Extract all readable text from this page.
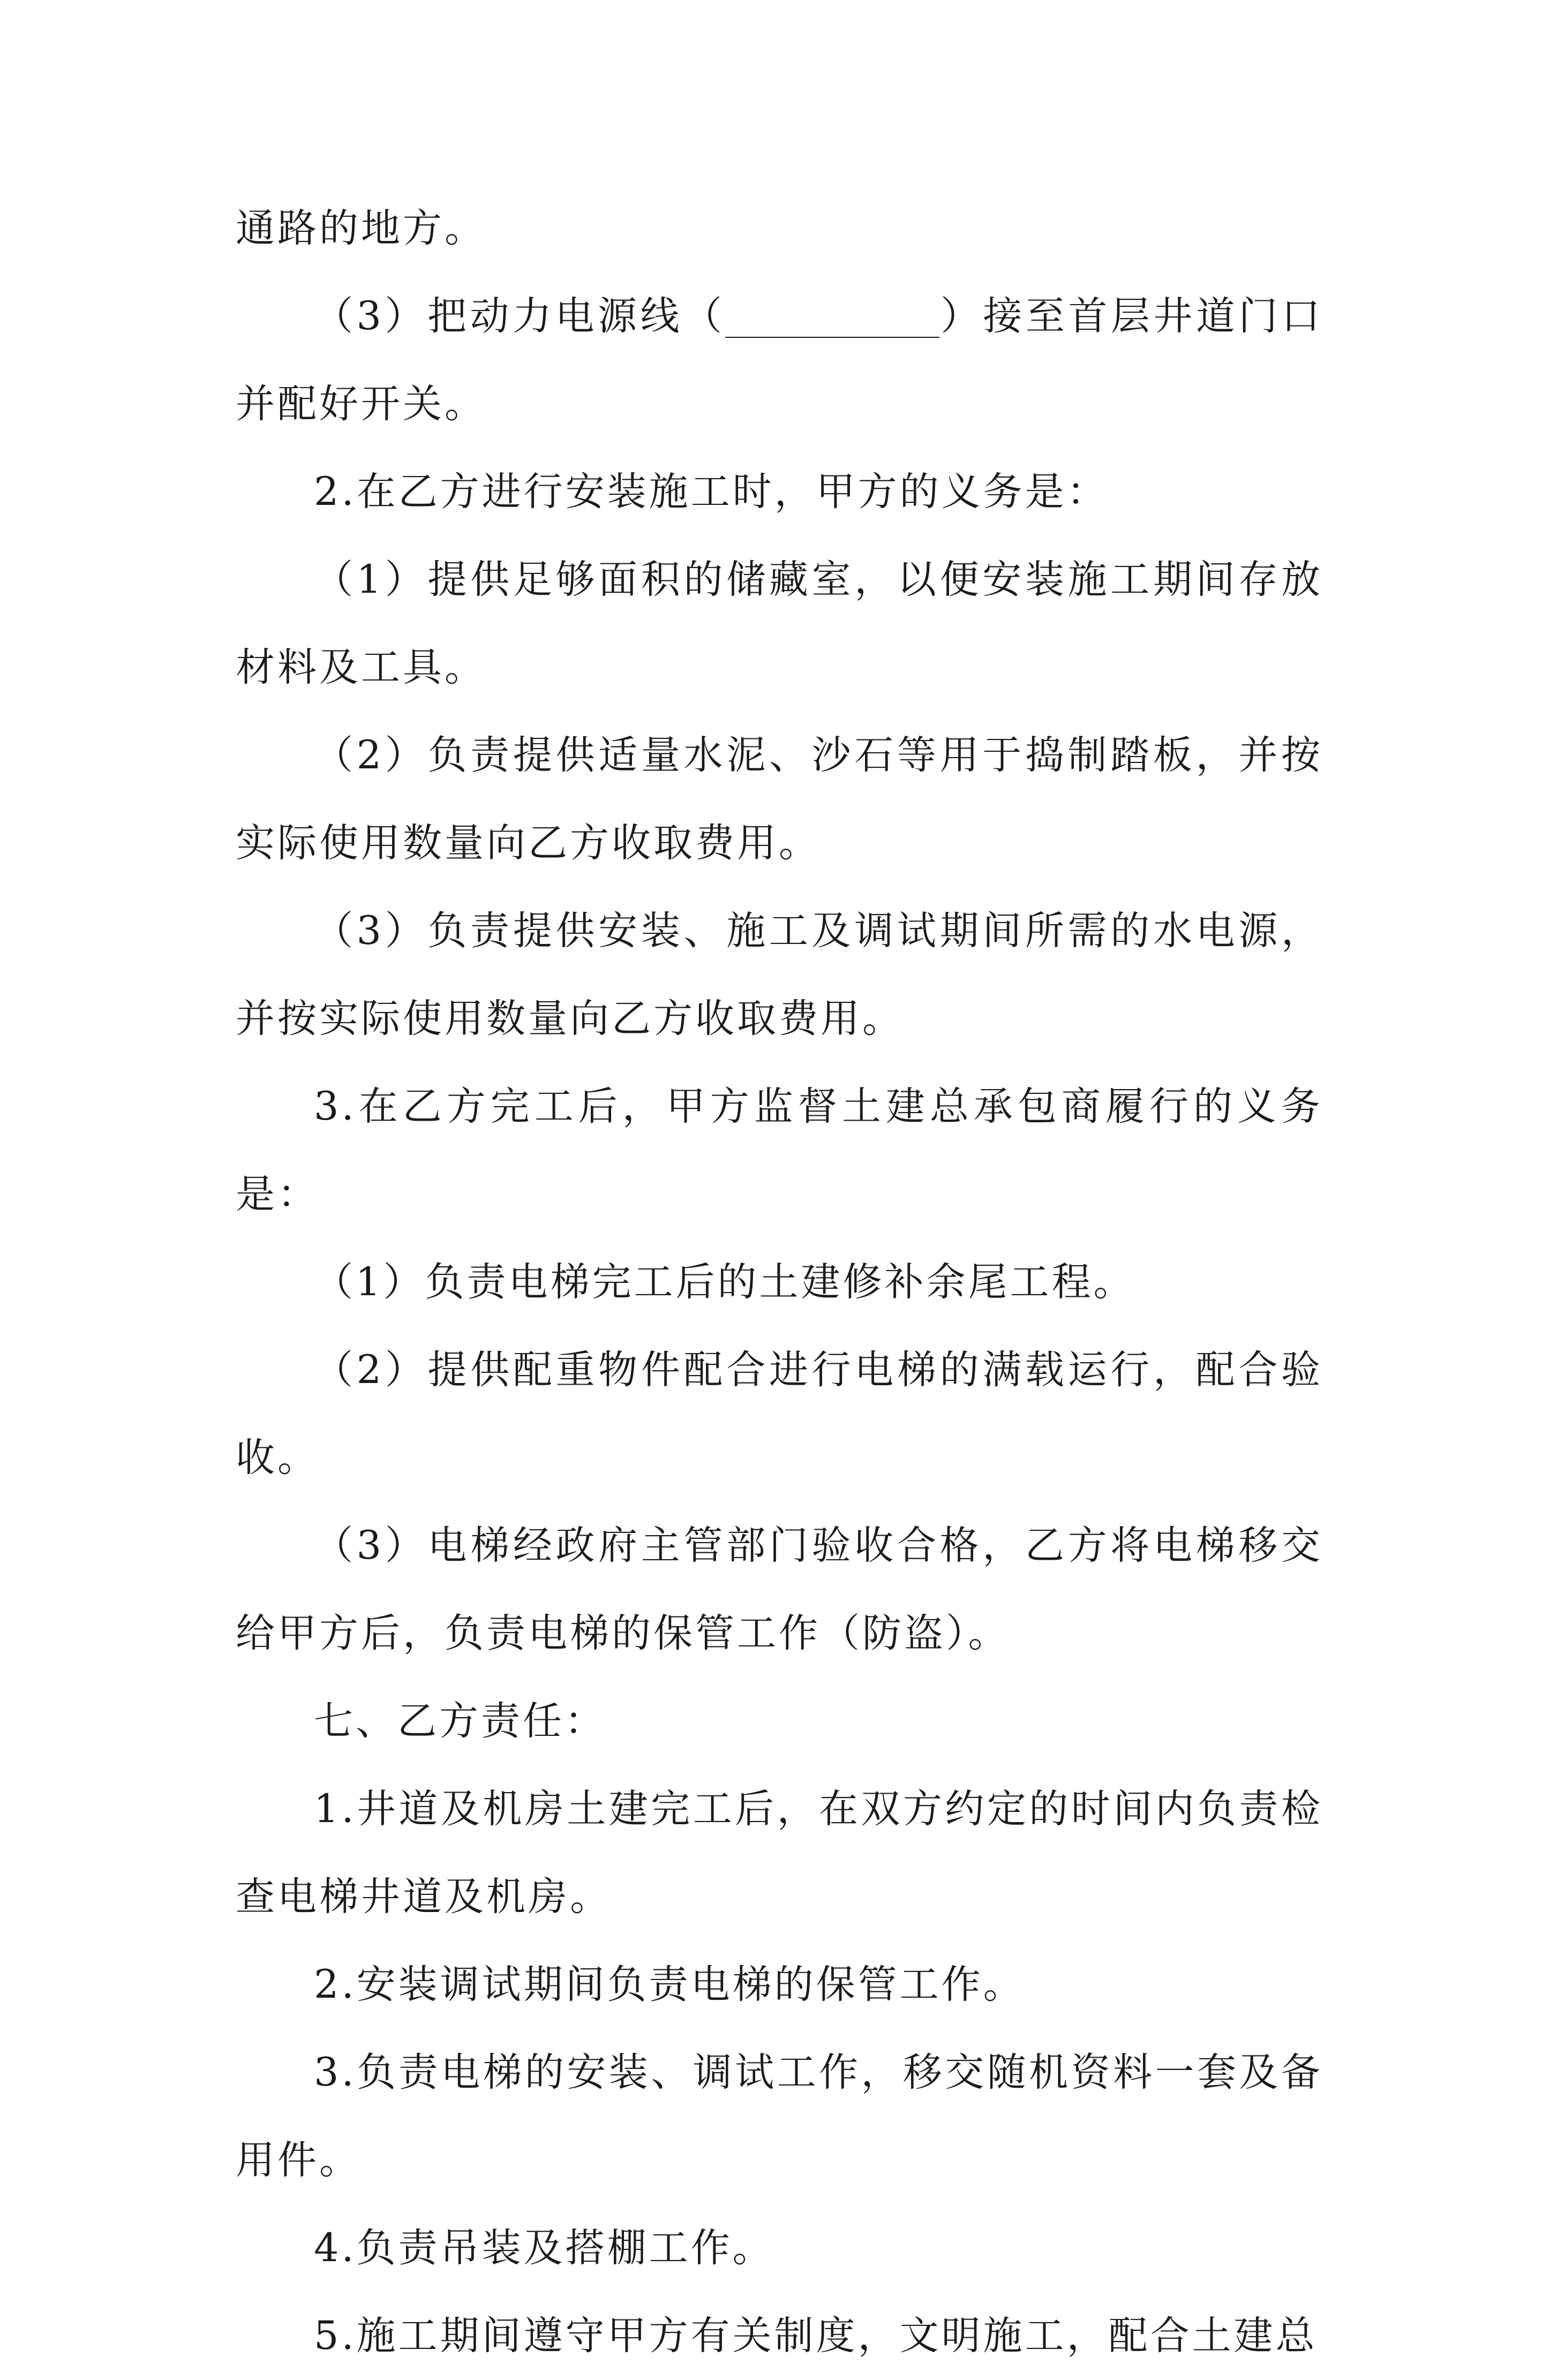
通路的地方。

（3）把动力电源线（	）接至首层井道门口并配好开关。

2.在乙方进行安装施工时，甲方的义务是：

（1）提供足够面积的储藏室，以便安装施工期间存放材料及工具。

（2）负责提供适量水泥、沙石等用于捣制踏板，并按实际使用数量向乙方收取费用。

（3）负责提供安装、施工及调试期间所需的水电源，并按实际使用数量向乙方收取费用。

3.在乙方完工后，甲方监督土建总承包商履行的义务是：

（1）负责电梯完工后的土建修补余尾工程。

（2）提供配重物件配合进行电梯的满载运行，配合验收。

（3）电梯经政府主管部门验收合格，乙方将电梯移交给甲方后，负责电梯的保管工作（防盗）。

七、乙方责任：

1.井道及机房土建完工后，在双方约定的时间内负责检查电梯井道及机房。

2.安装调试期间负责电梯的保管工作。

3.负责电梯的安装、调试工作，移交随机资料一套及备用件。

4.负责吊装及搭棚工作。

5.施工期间遵守甲方有关制度，文明施工，配合土建总
